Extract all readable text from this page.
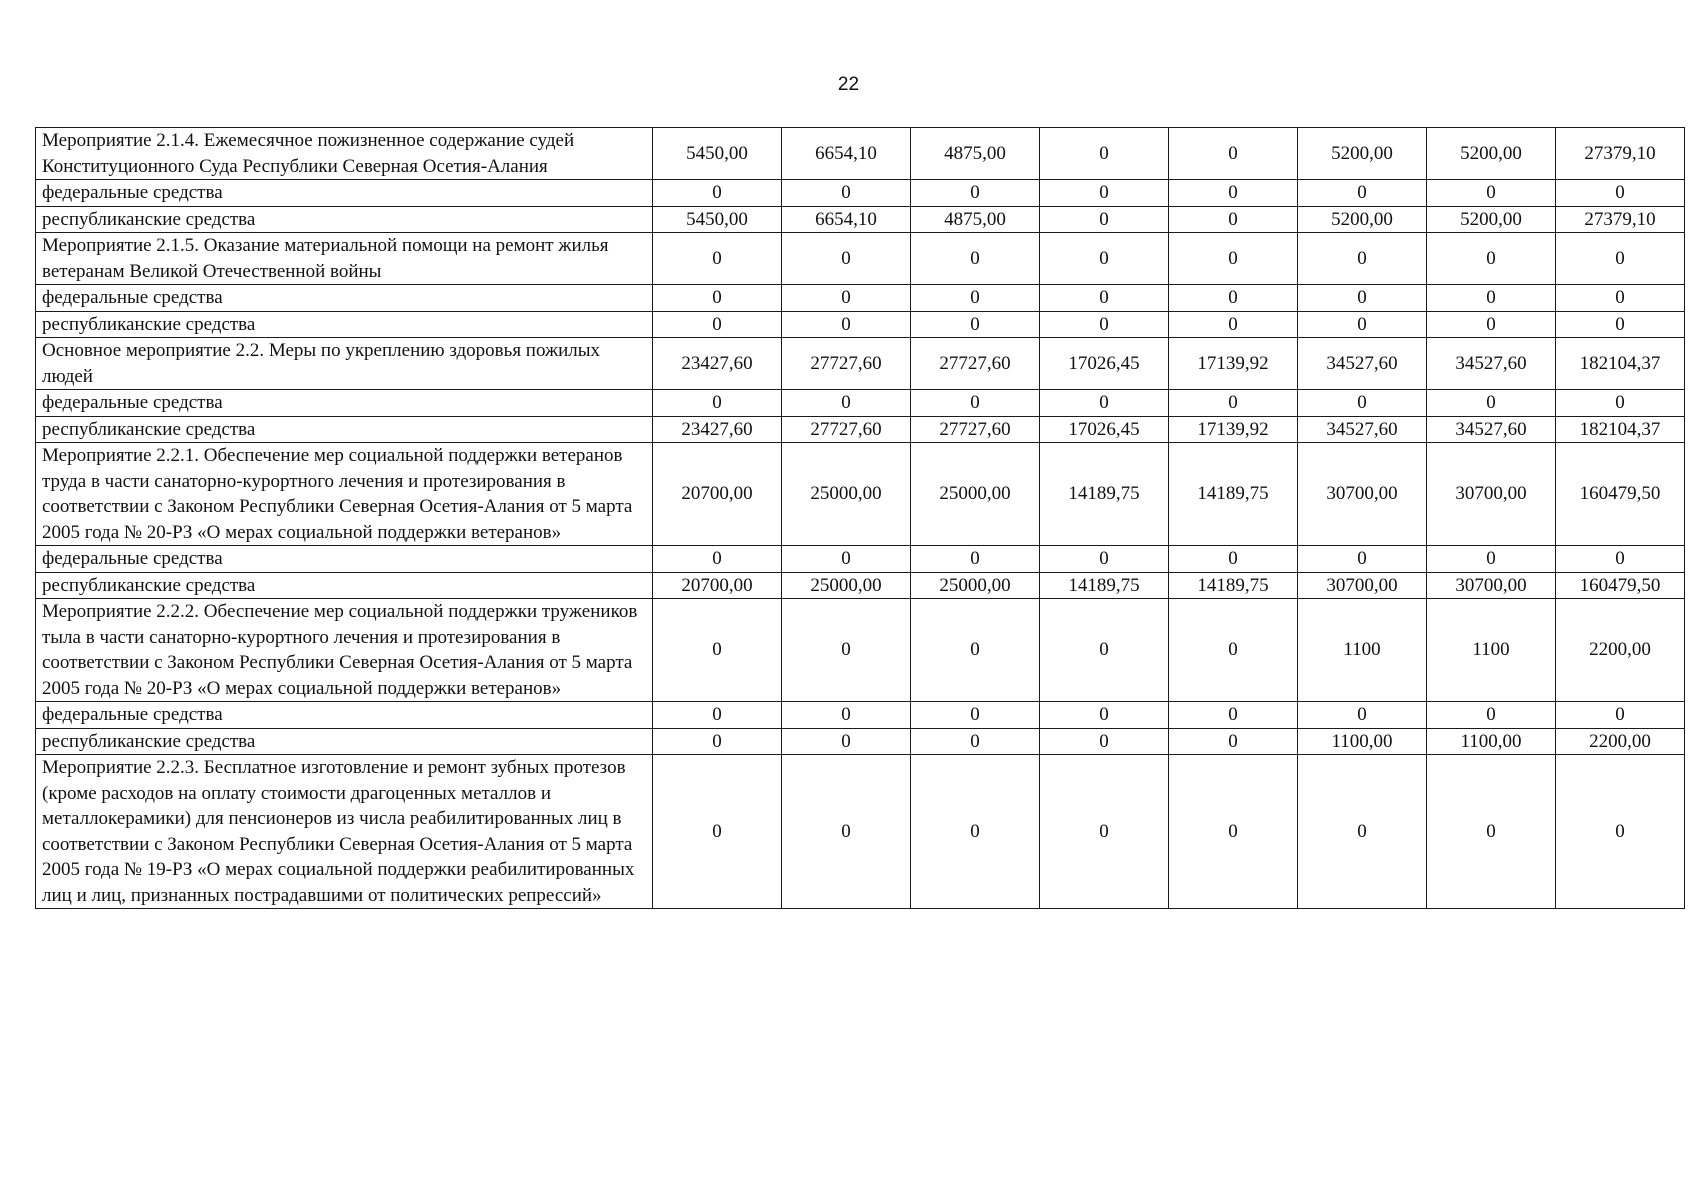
22
Мероприятие 2.1.4. Ежемесячное пожизненное содержание судей Конституционного Суда Республики Северная Осетия-Алания	5450,00	6654,10	4875,00	0	0	5200,00	5200,00	27379,10
федеральные средства	0	0	0	0	0	0	0	0
республиканские средства	5450,00	6654,10	4875,00	0	0	5200,00	5200,00	27379,10
Мероприятие 2.1.5. Оказание материальной помощи на ремонт жилья ветеранам Великой Отечественной войны	0	0	0	0	0	0	0	0
федеральные средства	0	0	0	0	0	0	0	0
республиканские средства	0	0	0	0	0	0	0	0
Основное мероприятие 2.2. Меры по укреплению здоровья пожилых людей	23427,60	27727,60	27727,60	17026,45	17139,92	34527,60	34527,60	182104,37
федеральные средства	0	0	0	0	0	0	0	0
республиканские средства	23427,60	27727,60	27727,60	17026,45	17139,92	34527,60	34527,60	182104,37
Мероприятие 2.2.1. Обеспечение мер социальной поддержки ветеранов труда в части санаторно-курортного лечения и протезирования в соответствии с Законом Республики Северная Осетия-Алания от 5 марта 2005 года № 20-РЗ «О мерах социальной поддержки ветеранов»	20700,00	25000,00	25000,00	14189,75	14189,75	30700,00	30700,00	160479,50
федеральные средства	0	0	0	0	0	0	0	0
республиканские средства	20700,00	25000,00	25000,00	14189,75	14189,75	30700,00	30700,00	160479,50
Мероприятие 2.2.2. Обеспечение мер социальной поддержки тружеников тыла в части санаторно-курортного лечения и протезирования в соответствии с Законом Республики Северная Осетия-Алания от 5 марта 2005 года № 20-РЗ «О мерах социальной поддержки ветеранов»	0	0	0	0	0	1100	1100	2200,00
федеральные средства	0	0	0	0	0	0	0	0
республиканские средства	0	0	0	0	0	1100,00	1100,00	2200,00
Мероприятие 2.2.3. Бесплатное изготовление и ремонт зубных протезов (кроме расходов на оплату стоимости драгоценных металлов и металлокерамики) для пенсионеров из числа реабилитированных лиц в соответствии с Законом Республики Северная Осетия-Алания от 5 марта 2005 года № 19-РЗ «О мерах социальной поддержки реабилитированных лиц и лиц, признанных пострадавшими от политических репрессий»	0	0	0	0	0	0	0	0
